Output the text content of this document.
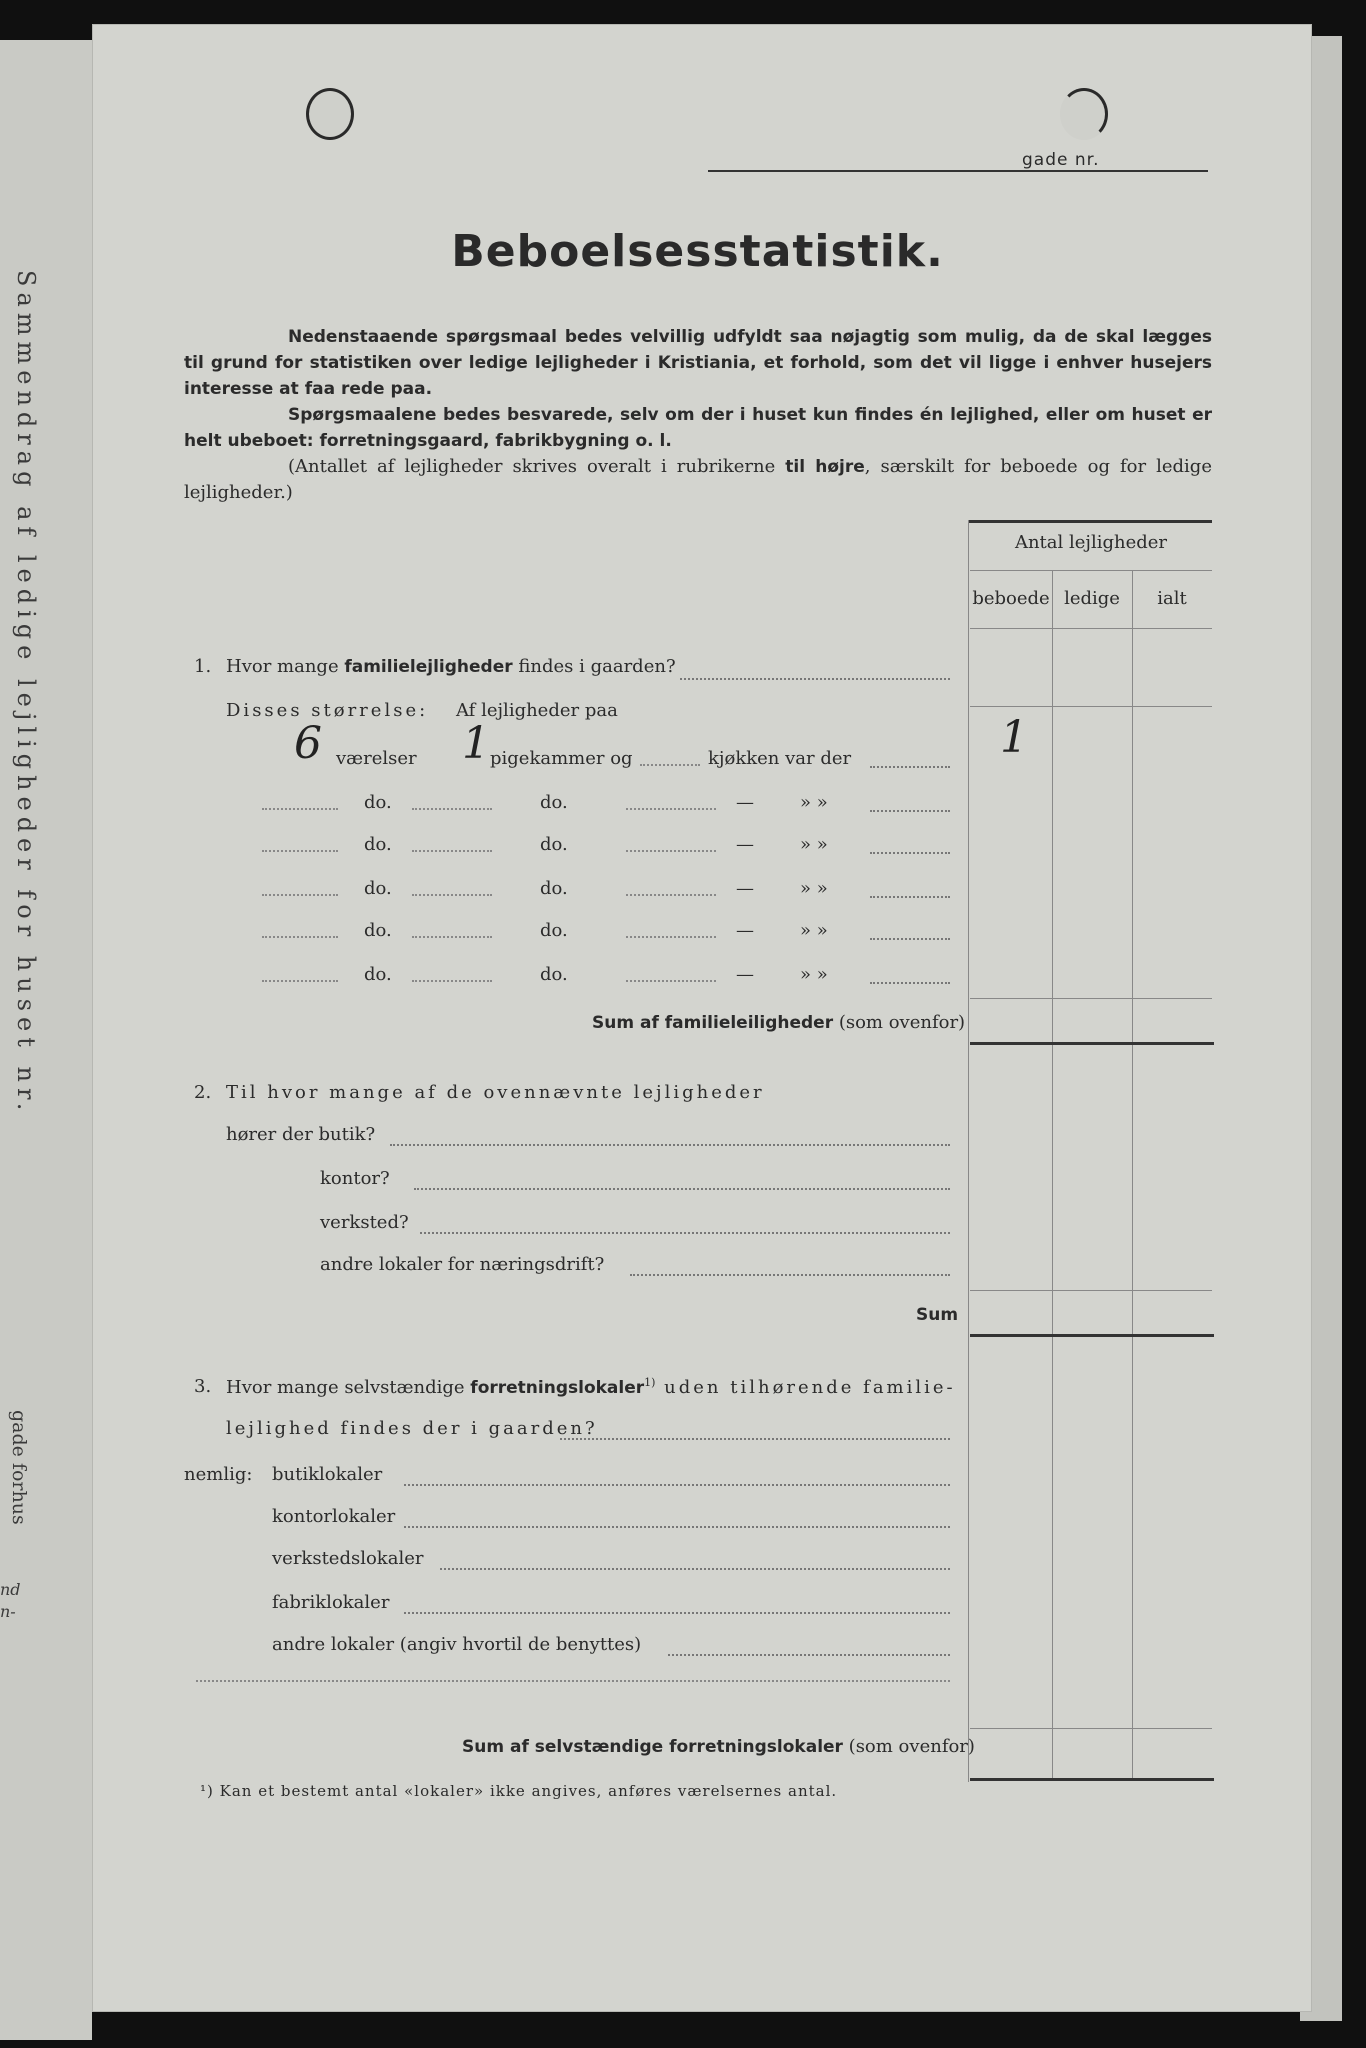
Sammendrag af ledige lejligheder for huset nr.
gade forhus
nd
n-
gade nr.
Beboelsesstatistik.

Nedenstaaende spørgsmaal bedes velvillig udfyldt saa nøjagtig som mulig, da de skal lægges til grund for statistiken over ledige lejligheder i Kristiania, et forhold, som det vil ligge i enhver husejers interesse at faa rede paa.

Spørgsmaalene bedes besvarede, selv om der i huset kun findes én lejlighed, eller om huset er helt ubeboet: forretningsgaard, fabrikbygning o. l.

(Antallet af lejligheder skrives overalt i rubrikerne til højre, særskilt for beboede og for ledige lejligheder.)

Antal lejligheder
beboede ledige	ialt
1. Hvor mange familielejligheder findes i gaarden?
Disses størrelse: Af lejligheder paa
6 værelser 1 pigekammer og	kjøkken var der	1
do.	do.	—	» »
do.	do.	—	» »
do.	do.	—	» »
do.	do.	—	» »
do.	do.	—	» »
Sum af familieleiligheder (som ovenfor)
2. Til hvor mange af de ovennævnte lejligheder
hører der butik?
kontor?
verksted?
andre lokaler for næringsdrift?
Sum
3. Hvor mange selvstændige forretningslokaler$^{1)}$ uden tilhørende familie-
lejlighed findes der i gaarden?
nemlig: butiklokaler
kontorlokaler
verkstedslokaler
fabriklokaler
andre lokaler (angiv hvortil de benyttes)
Sum af selvstændige forretningslokaler (som ovenfor)
¹) Kan et bestemt antal «lokaler» ikke angives, anføres værelsernes antal.
